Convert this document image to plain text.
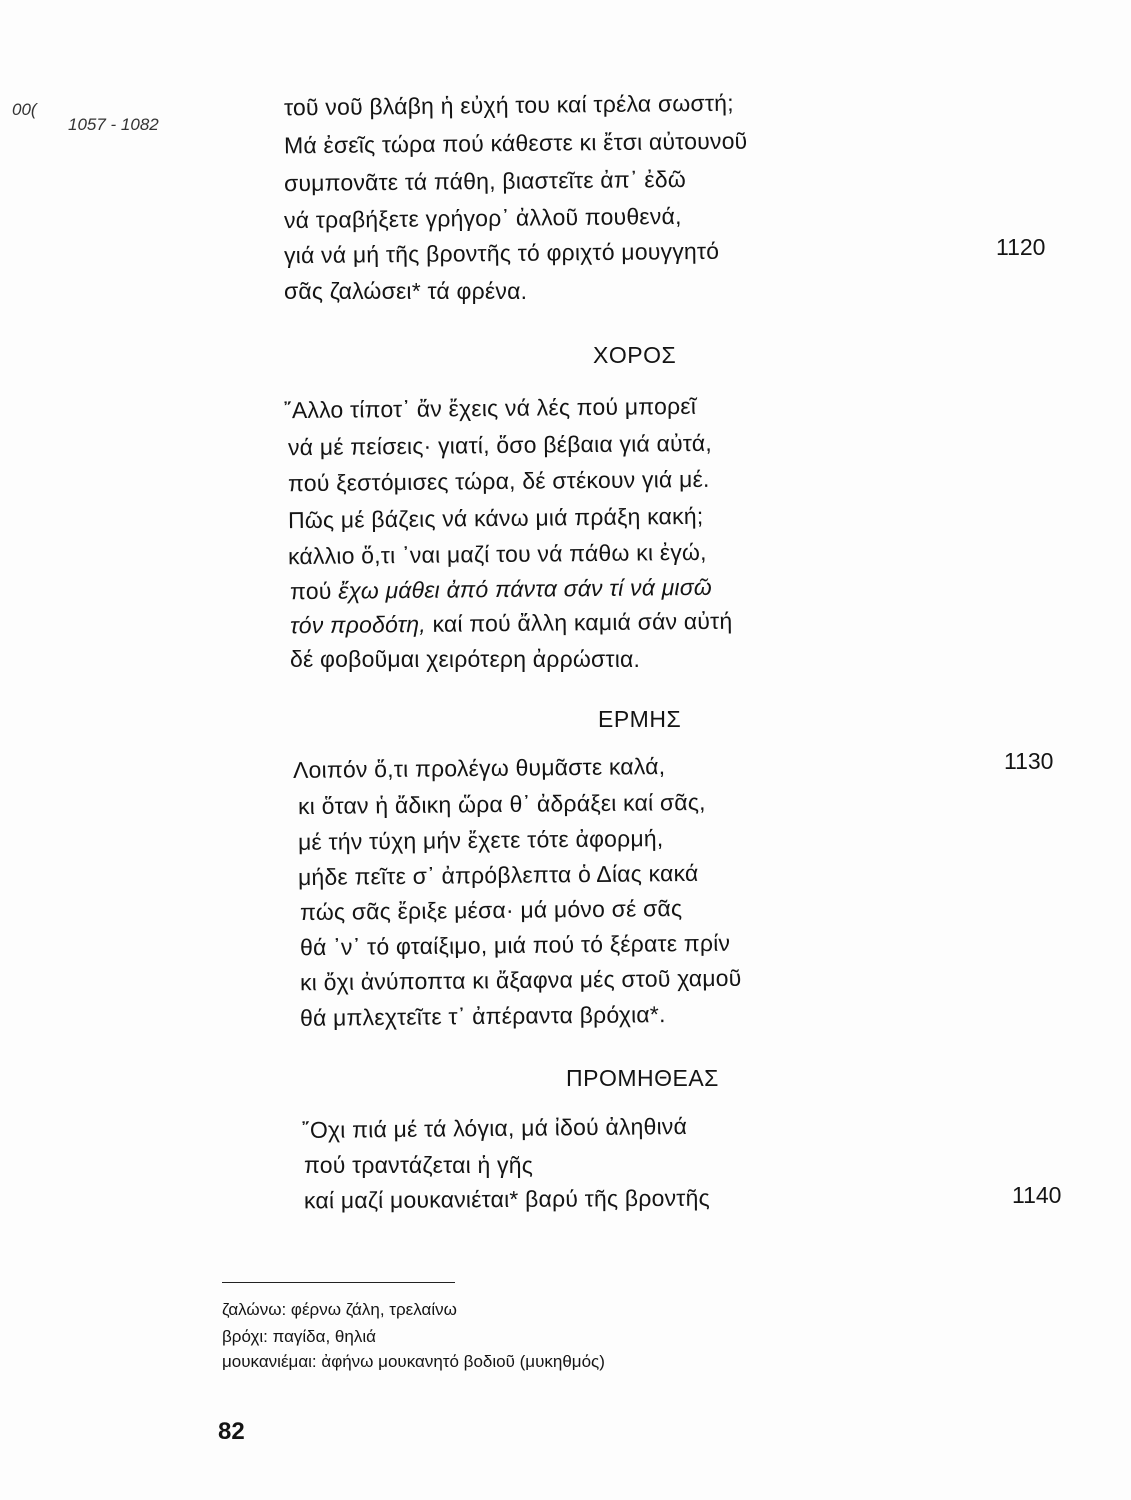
00(
1057 - 1082
τοῦ νοῦ βλάβη ἡ εὐχή του καί τρέλα σωστή;
Μά ἐσεῖς τώρα πού κάθεστε κι ἔτσι αὐτουνοῦ
συμπονᾶτε τά πάθη, βιαστεῖτε ἀπ᾽ ἐδῶ
νά τραβήξετε γρήγορ᾽ ἀλλοῦ πουθενά,
γιά νά μή τῆς βροντῆς τό φριχτό μουγγητό
σᾶς ζαλώσει* τά φρένα.
1120
ΧΟΡΟΣ
῎Αλλο τίποτ᾽ ἄν ἔχεις νά λές πού μπορεῖ
νά μέ πείσεις· γιατί, ὅσο βέβαια γιά αὐτά,
πού ξεστόμισες τώρα, δέ στέκουν γιά μέ.
Πῶς μέ βάζεις νά κάνω μιά πράξη κακή;
κάλλιο ὅ,τι ᾽ναι μαζί του νά πάθω κι ἐγώ,
πού ἔχω μάθει ἀπό πάντα σάν τί νά μισῶ
τόν προδότη, καί πού ἄλλη καμιά σάν αὐτή
δέ φοβοῦμαι χειρότερη ἀρρώστια.
ΕΡΜΗΣ
Λοιπόν ὅ,τι προλέγω θυμᾶστε καλά,
κι ὅταν ἡ ἄδικη ὥρα θ᾽ ἀδράξει καί σᾶς,
μέ τήν τύχη μήν ἔχετε τότε ἀφορμή,
μήδε πεῖτε σ᾽ ἀπρόβλεπτα ὁ Δίας κακά
πώς σᾶς ἔριξε μέσα· μά μόνο σέ σᾶς
θά ᾽ν᾽ τό φταίξιμο, μιά πού τό ξέρατε πρίν
κι ὄχι ἀνύποπτα κι ἄξαφνα μές στοῦ χαμοῦ
θά μπλεχτεῖτε τ᾽ ἀπέραντα βρόχια*.
1130
ΠΡΟΜΗΘΕΑΣ
῎Οχι πιά μέ τά λόγια, μά ἰδού ἀληθινά
πού τραντάζεται ἡ γῆς
καί μαζί μουκανιέται* βαρύ τῆς βροντῆς	1140
ζαλώνω: φέρνω ζάλη, τρελαίνω
βρόχι: παγίδα, θηλιά
μουκανιέμαι: ἀφήνω μουκανητό βοδιοῦ (μυκηθμός)
82
